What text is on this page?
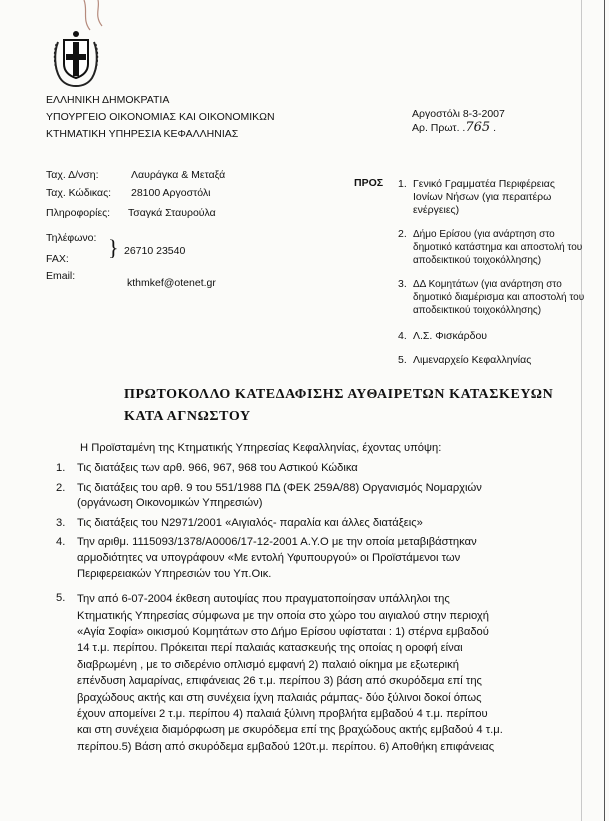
ΕΛΛΗΝΙΚΗ ΔΗΜΟΚΡΑΤΙΑ
ΥΠΟΥΡΓΕΙΟ ΟΙΚΟΝΟΜΙΑΣ ΚΑΙ ΟΙΚΟΝΟΜΙΚΩΝ
ΚΤΗΜΑΤΙΚΗ ΥΠΗΡΕΣΙΑ ΚΕΦΑΛΛΗΝΙΑΣ
Αργοστόλι 8-3-2007
Αρ. Πρωτ. .765 .
Ταχ. Δ/νση:	Λαυράγκα & Μεταξά
Ταχ. Κώδικας: 28100 Αργοστόλι
Πληροφορίες: Τσαγκά Σταυρούλα
Τηλέφωνο:
FAX: } 26710 23540
Email:
kthmkef@otenet.gr
ΠΡΟΣ 1. Γενικό Γραμματέα Περιφέρειας
Ιονίων Νήσων (για περαιτέρω
ενέργειες)
2. Δήμο Ερίσου (για ανάρτηση στο
δημοτικό κατάστημα και αποστολή του
αποδεικτικού τοιχοκόλλησης)
3. ΔΔ Κομητάτων (για ανάρτηση στο
δημοτικό διαμέρισμα και αποστολή του
αποδεικτικού τοιχοκόλλησης)
4. Λ.Σ. Φισκάρδου
5. Λιμεναρχείο Κεφαλληνίας
ΠΡΩΤΟΚΟΛΛΟ ΚΑΤΕΔΑΦΙΣΗΣ ΑΥΘΑΙΡΕΤΩΝ ΚΑΤΑΣΚΕΥΩΝ
ΚΑΤΑ ΑΓΝΩΣΤΟΥ
Η Προϊσταμένη της Κτηματικής Υπηρεσίας Κεφαλληνίας, έχοντας υπόψη:
1.	Τις διατάξεις των αρθ. 966, 967, 968 του Αστικού Κώδικα
2.	Τις διατάξεις του αρθ. 9 του 551/1988 ΠΔ (ΦΕΚ 259Α/88) Οργανισμός Νομαρχιών
(οργάνωση Οικονομικών Υπηρεσιών)
3.	Τις διατάξεις του Ν2971/2001 «Αιγιαλός- παραλία και άλλες διατάξεις»
4.	Την αριθμ. 1115093/1378/Α0006/17-12-2001 Α.Υ.Ο με την οποία μεταβιβάστηκαν
αρμοδιότητες να υπογράφουν «Με εντολή Υφυπουργού» οι Προϊστάμενοι των
Περιφερειακών Υπηρεσιών του Υπ.Οικ.
5.	Την από 6-07-2004 έκθεση αυτοψίας που πραγματοποίησαν υπάλληλοι της
Κτηματικής Υπηρεσίας σύμφωνα με την οποία στο χώρο του αιγιαλού στην περιοχή
«Αγία Σοφία» οικισμού Κομητάτων στο Δήμο Ερίσου υφίσταται : 1) στέρνα εμβαδού
14 τ.μ. περίπου. Πρόκειται περί παλαιάς κατασκευής της οποίας η οροφή είναι
διαβρωμένη , με το σιδερένιο οπλισμό εμφανή 2) παλαιό οίκημα με εξωτερική
επένδυση λαμαρίνας, επιφάνειας 26 τ.μ. περίπου 3) βάση από σκυρόδεμα επί της
βραχώδους ακτής και στη συνέχεια ίχνη παλαιάς ράμπας- δύο ξύλινοι δοκοί όπως
έχουν απομείνει 2 τ.μ. περίπου 4) παλαιά ξύλινη προβλήτα εμβαδού 4 τ.μ. περίπου
και στη συνέχεια διαμόρφωση με σκυρόδεμα επί της βραχώδους ακτής εμβαδού 4 τ.μ.
περίπου.5) Βάση από σκυρόδεμα εμβαδού 120τ.μ. περίπου. 6) Αποθήκη επιφάνειας
